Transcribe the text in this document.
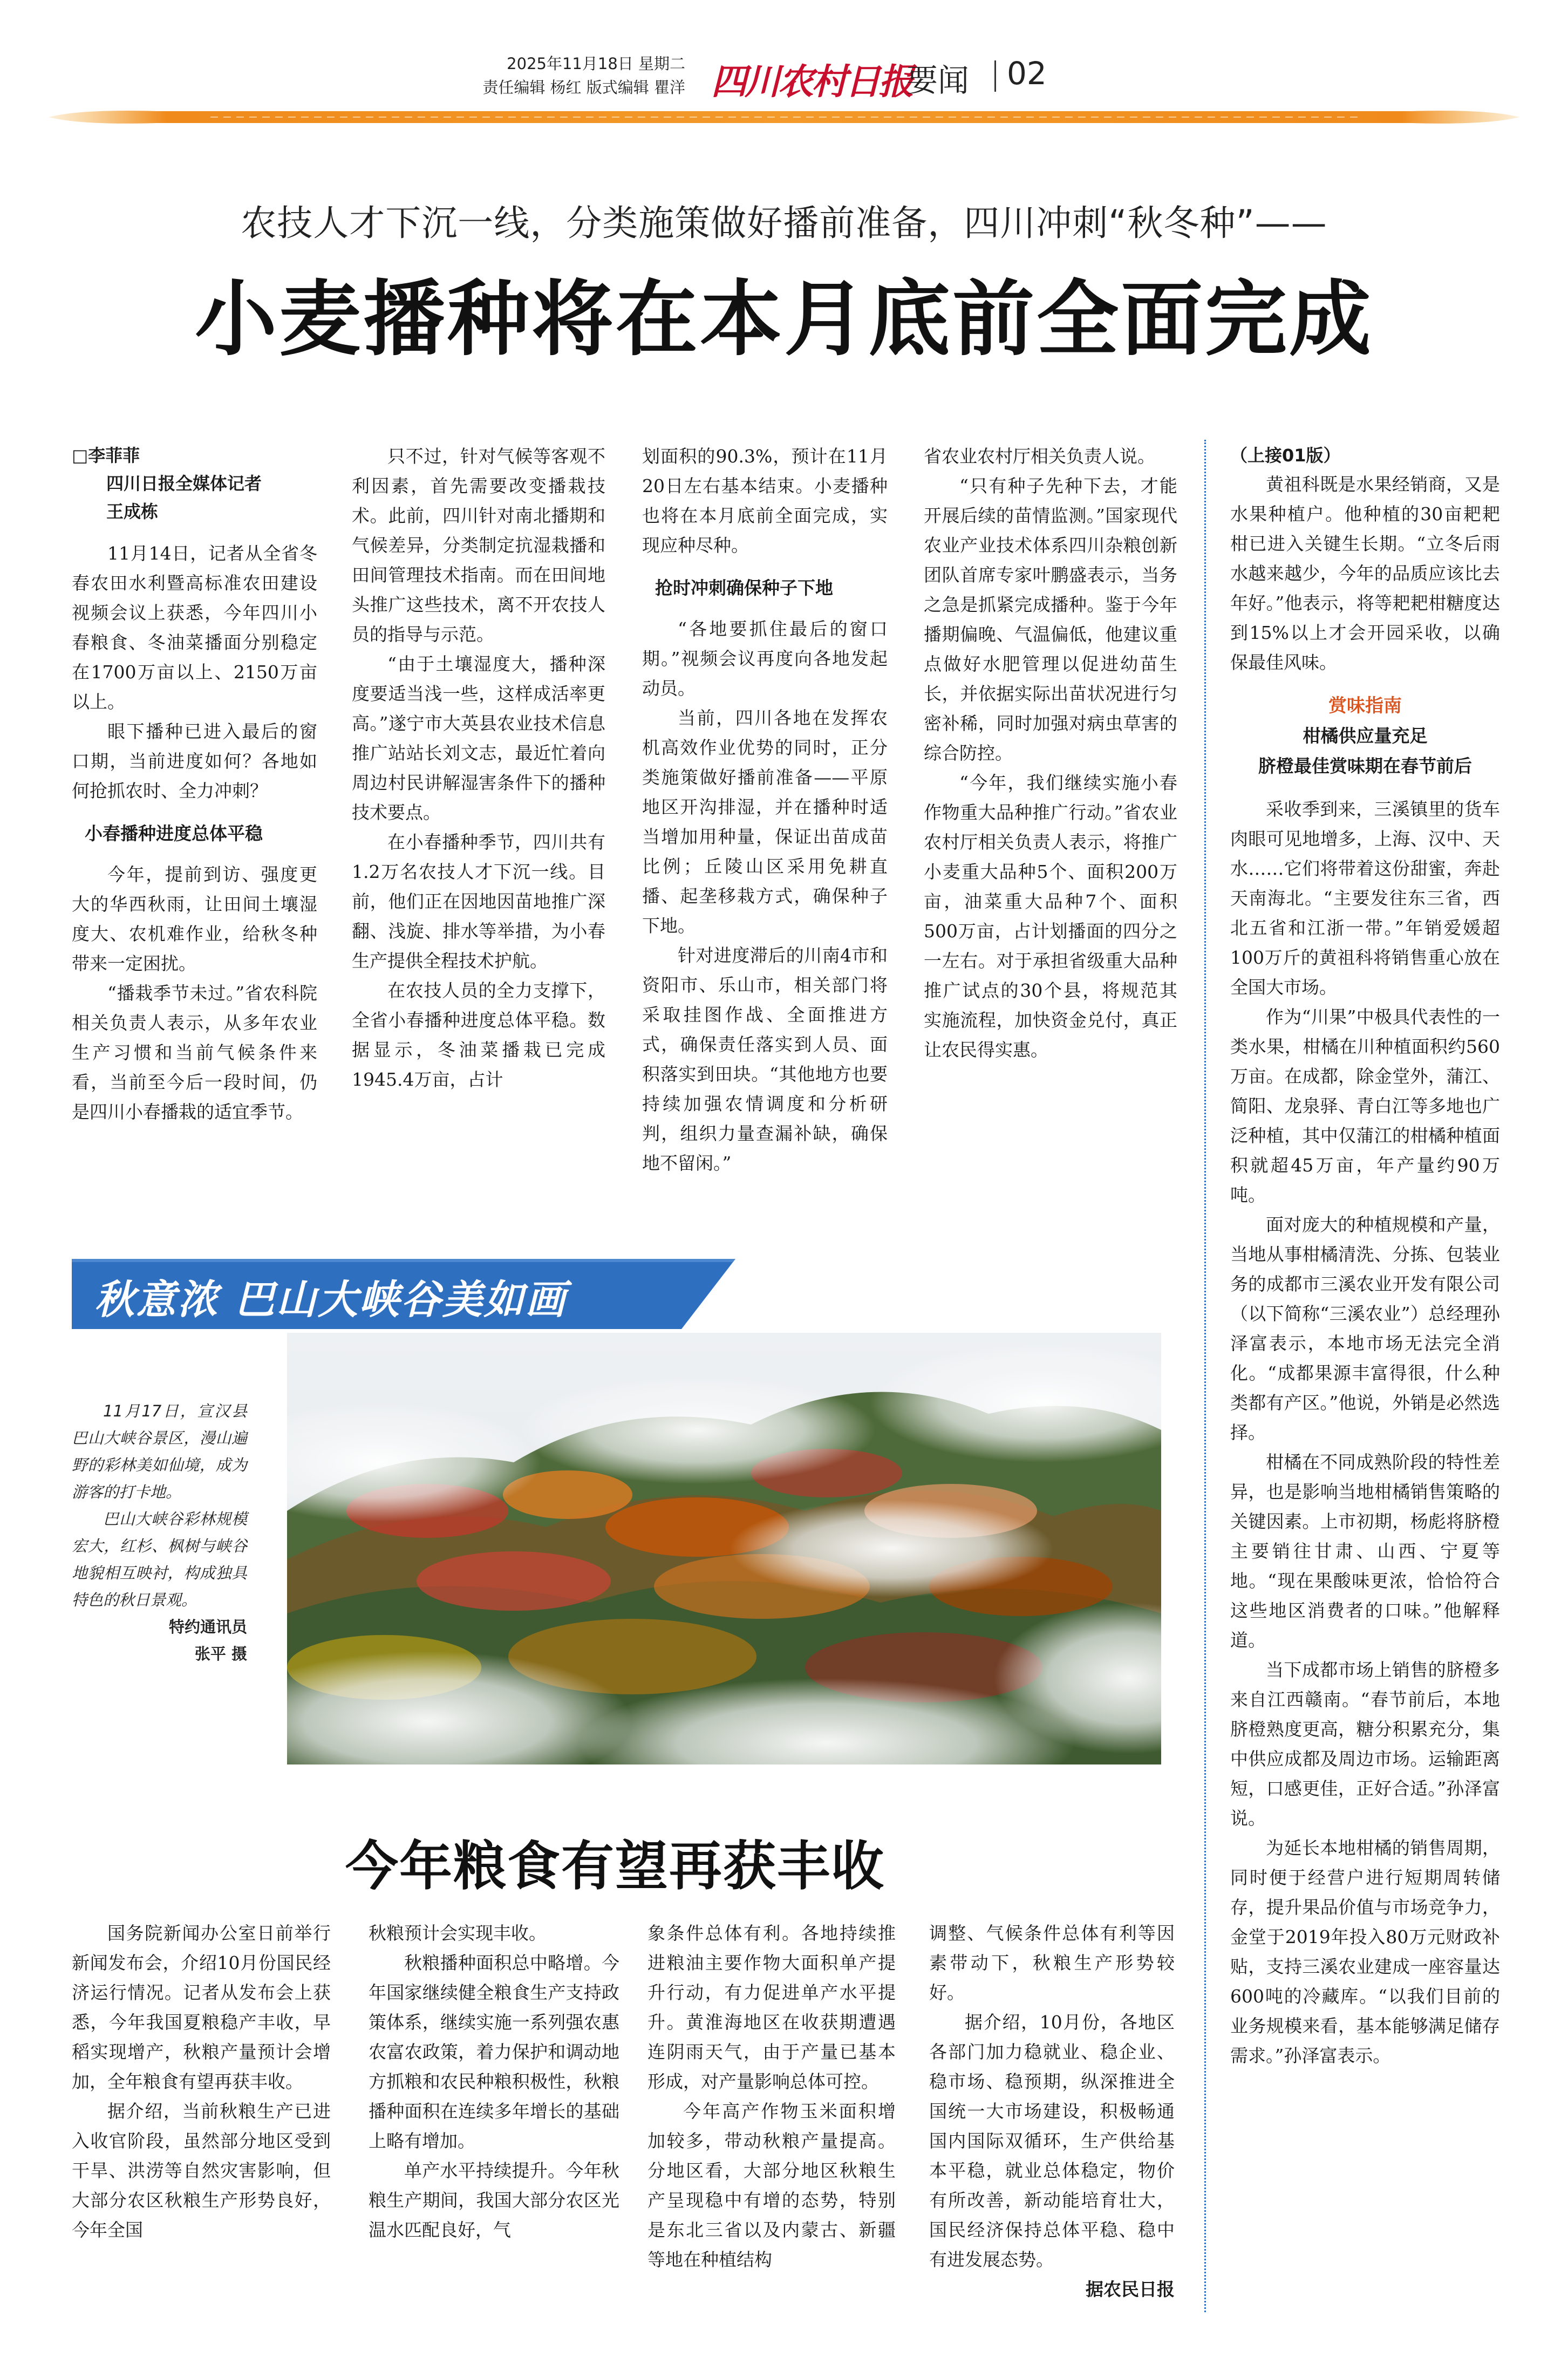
2025年11月18日 星期二
责任编辑 杨红 版式编辑 瞿洋 四川农村日报
要闻 02
农技人才下沉一线，分类施策做好播前准备，四川冲刺“秋冬种”——
小麦播种将在本月底前全面完成
□李菲菲
四川日报全媒体记者
王成栋

11月14日，记者从全省冬春农田水利暨高标准农田建设视频会议上获悉，今年四川小春粮食、冬油菜播面分别稳定在1700万亩以上、2150万亩以上。

眼下播种已进入最后的窗口期，当前进度如何？各地如何抢抓农时、全力冲刺？

小春播种进度总体平稳

今年，提前到访、强度更大的华西秋雨，让田间土壤湿度大、农机难作业，给秋冬种带来一定困扰。

“播栽季节未过。”省农科院相关负责人表示，从多年农业生产习惯和当前气候条件来看，当前至今后一段时间，仍是四川小春播栽的适宜季节。

只不过，针对气候等客观不利因素，首先需要改变播栽技术。此前，四川针对南北播期和气候差异，分类制定抗湿栽播和田间管理技术指南。而在田间地头推广这些技术，离不开农技人员的指导与示范。

“由于土壤湿度大，播种深度要适当浅一些，这样成活率更高。”遂宁市大英县农业技术信息推广站站长刘文志，最近忙着向周边村民讲解湿害条件下的播种技术要点。

在小春播种季节，四川共有1.2万名农技人才下沉一线。目前，他们正在因地因苗地推广深翻、浅旋、排水等举措，为小春生产提供全程技术护航。

在农技人员的全力支撑下，全省小春播种进度总体平稳。数据显示，冬油菜播栽已完成1945.4万亩，占计

划面积的90.3%，预计在11月20日左右基本结束。小麦播种也将在本月底前全面完成，实现应种尽种。

抢时冲刺确保种子下地

“各地要抓住最后的窗口期。”视频会议再度向各地发起动员。

当前，四川各地在发挥农机高效作业优势的同时，正分类施策做好播前准备——平原地区开沟排湿，并在播种时适当增加用种量，保证出苗成苗比例；丘陵山区采用免耕直播、起垄移栽方式，确保种子下地。

针对进度滞后的川南4市和资阳市、乐山市，相关部门将采取挂图作战、全面推进方式，确保责任落实到人员、面积落实到田块。“其他地方也要持续加强农情调度和分析研判，组织力量查漏补缺，确保地不留闲。”

省农业农村厅相关负责人说。

“只有种子先种下去，才能开展后续的苗情监测。”国家现代农业产业技术体系四川杂粮创新团队首席专家叶鹏盛表示，当务之急是抓紧完成播种。鉴于今年播期偏晚、气温偏低，他建议重点做好水肥管理以促进幼苗生长，并依据实际出苗状况进行匀密补稀，同时加强对病虫草害的综合防控。

“今年，我们继续实施小春作物重大品种推广行动。”省农业农村厅相关负责人表示，将推广小麦重大品种5个、面积200万亩，油菜重大品种7个、面积500万亩，占计划播面的四分之一左右。对于承担省级重大品种推广试点的30个县，将规范其实施流程，加快资金兑付，真正让农民得实惠。

（上接01版）

黄祖科既是水果经销商，又是水果种植户。他种植的30亩耙耙柑已进入关键生长期。“立冬后雨水越来越少，今年的品质应该比去年好。”他表示，将等耙耙柑糖度达到15%以上才会开园采收，以确保最佳风味。

赏味指南
柑橘供应量充足
脐橙最佳赏味期在春节前后

采收季到来，三溪镇里的货车肉眼可见地增多，上海、汉中、天水……它们将带着这份甜蜜，奔赴天南海北。“主要发往东三省，西北五省和江浙一带。”年销爱媛超100万斤的黄祖科将销售重心放在全国大市场。

作为“川果”中极具代表性的一类水果，柑橘在川种植面积约560万亩。在成都，除金堂外，蒲江、简阳、龙泉驿、青白江等多地也广泛种植，其中仅蒲江的柑橘种植面积就超45万亩，年产量约90万吨。

面对庞大的种植规模和产量，当地从事柑橘清洗、分拣、包装业务的成都市三溪农业开发有限公司（以下简称“三溪农业”）总经理孙泽富表示，本地市场无法完全消化。“成都果源丰富得很，什么种类都有产区。”他说，外销是必然选择。

柑橘在不同成熟阶段的特性差异，也是影响当地柑橘销售策略的关键因素。上市初期，杨彪将脐橙主要销往甘肃、山西、宁夏等地。“现在果酸味更浓，恰恰符合这些地区消费者的口味。”他解释道。

当下成都市场上销售的脐橙多来自江西赣南。“春节前后，本地脐橙熟度更高，糖分积累充分，集中供应成都及周边市场。运输距离短，口感更佳，正好合适。”孙泽富说。

为延长本地柑橘的销售周期，同时便于经营户进行短期周转储存，提升果品价值与市场竞争力，金堂于2019年投入80万元财政补贴，支持三溪农业建成一座容量达600吨的冷藏库。“以我们目前的业务规模来看，基本能够满足储存需求。”孙泽富表示。

秋意浓 巴山大峡谷美如画

11月17日，宣汉县巴山大峡谷景区，漫山遍野的彩林美如仙境，成为游客的打卡地。

巴山大峡谷彩林规模宏大，红杉、枫树与峡谷地貌相互映衬，构成独具特色的秋日景观。

特约通讯员
张平 摄
今年粮食有望再获丰收

国务院新闻办公室日前举行新闻发布会，介绍10月份国民经济运行情况。记者从发布会上获悉，今年我国夏粮稳产丰收，早稻实现增产，秋粮产量预计会增加，全年粮食有望再获丰收。

据介绍，当前秋粮生产已进入收官阶段，虽然部分地区受到干旱、洪涝等自然灾害影响，但大部分农区秋粮生产形势良好，今年全国

秋粮预计会实现丰收。

秋粮播种面积总中略增。今年国家继续健全粮食生产支持政策体系，继续实施一系列强农惠农富农政策，着力保护和调动地方抓粮和农民种粮积极性，秋粮播种面积在连续多年增长的基础上略有增加。

单产水平持续提升。今年秋粮生产期间，我国大部分农区光温水匹配良好，气

象条件总体有利。各地持续推进粮油主要作物大面积单产提升行动，有力促进单产水平提升。黄淮海地区在收获期遭遇连阴雨天气，由于产量已基本形成，对产量影响总体可控。

今年高产作物玉米面积增加较多，带动秋粮产量提高。分地区看，大部分地区秋粮生产呈现稳中有增的态势，特别是东北三省以及内蒙古、新疆等地在种植结构

调整、气候条件总体有利等因素带动下，秋粮生产形势较好。

据介绍，10月份，各地区各部门加力稳就业、稳企业、稳市场、稳预期，纵深推进全国统一大市场建设，积极畅通国内国际双循环，生产供给基本平稳，就业总体稳定，物价有所改善，新动能培育壮大，国民经济保持总体平稳、稳中有进发展态势。

据农民日报
